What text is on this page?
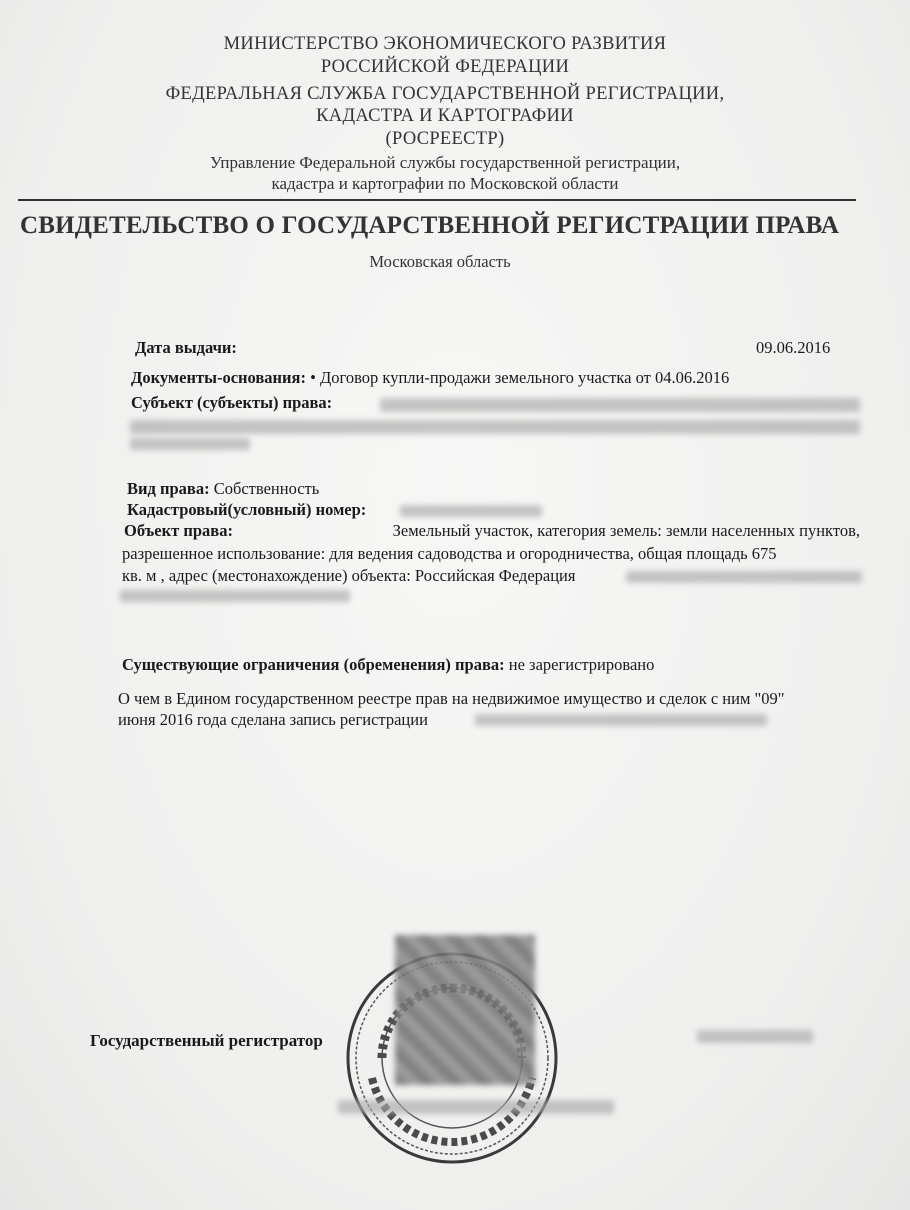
МИНИСТЕРСТВО ЭКОНОМИЧЕСКОГО РАЗВИТИЯ
РОССИЙСКОЙ ФЕДЕРАЦИИ
ФЕДЕРАЛЬНАЯ СЛУЖБА ГОСУДАРСТВЕННОЙ РЕГИСТРАЦИИ,
КАДАСТРА И КАРТОГРАФИИ
(РОСРЕЕСТР)
Управление Федеральной службы государственной регистрации,
кадастра и картографии по Московской области
СВИДЕТЕЛЬСТВО О ГОСУДАРСТВЕННОЙ РЕГИСТРАЦИИ ПРАВА
Московская область
Дата выдачи:	09.06.2016
Документы-основания: • Договор купли-продажи земельного участка от 04.06.2016
Субъект (субъекты) права:
Вид права: Собственность
Кадастровый(условный) номер:
Объект права:	Земельный участок, категория земель: земли населенных пунктов,
разрешенное использование: для ведения садоводства и огородничества, общая площадь 675
кв. м , адрес (местонахождение) объекта: Российская Федерация
Существующие ограничения (обременения) права: не зарегистрировано
О чем в Едином государственном реестре прав на недвижимое имущество и сделок с ним "09"
июня 2016 года сделана запись регистрации
Государственный регистратор
